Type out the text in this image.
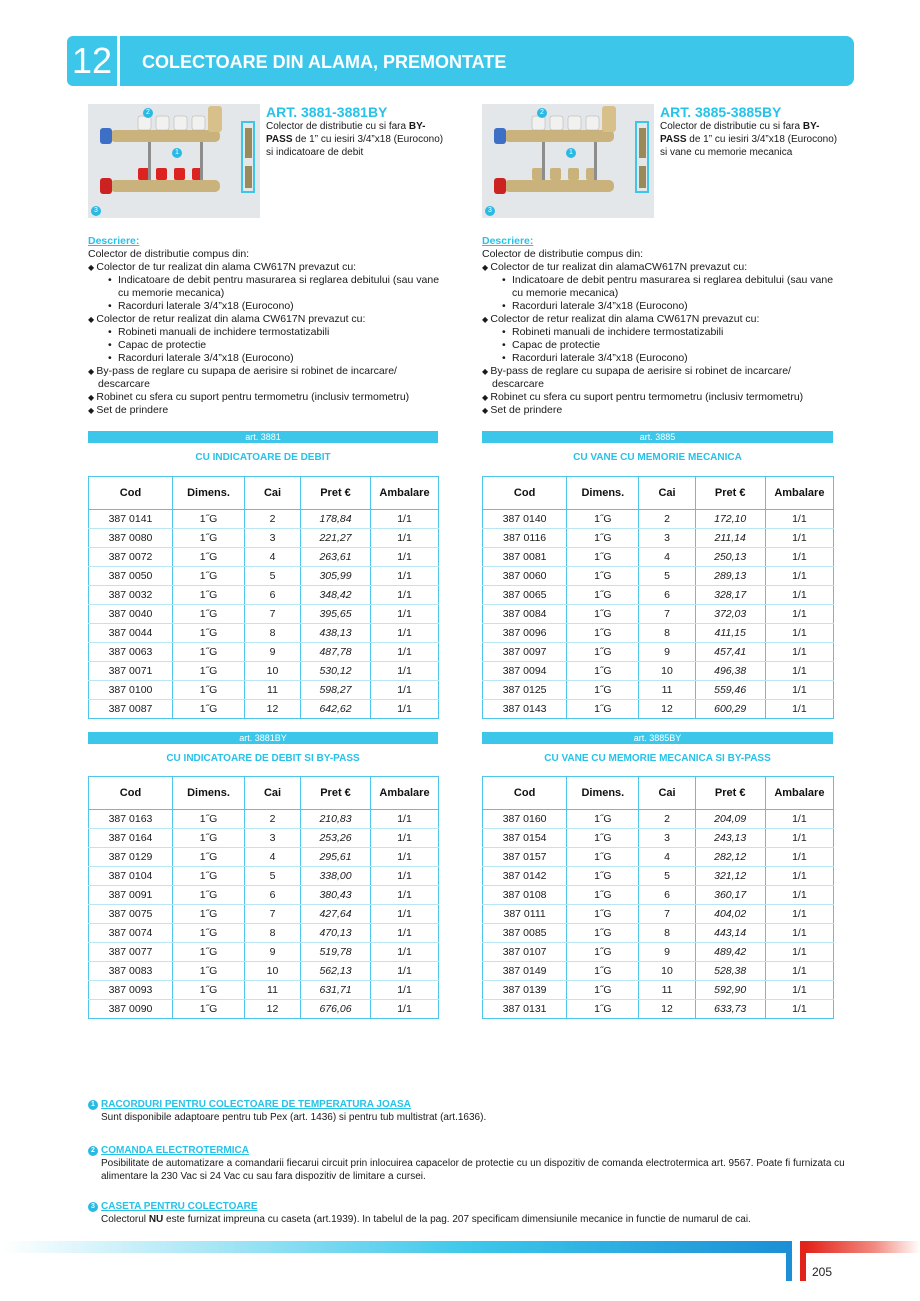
12 COLECTOARE DIN ALAMA, PREMONTATE
2
1
3
ART. 3881-3881BY
Colector de distributie cu si fara BY-PASS de 1” cu iesiri 3/4”x18 (Eurocono) si indicatoare de debit
2
1
3
ART. 3885-3885BY
Colector de distributie cu si fara BY-PASS de 1” cu iesiri 3/4”x18 (Eurocono) si vane cu memorie mecanica
Descriere:
Colector de distributie compus din:
◆ Colector de tur realizat din alama CW617N prevazut cu:
• Indicatoare de debit pentru masurarea si reglarea debitului (sau vane cu memorie mecanica)
• Racorduri laterale 3/4”x18 (Eurocono)
◆ Colector de retur realizat din alama CW617N prevazut cu:
• Robineti manuali de inchidere termostatizabili
• Capac de protectie
• Racorduri laterale 3/4”x18 (Eurocono)
◆ By-pass de reglare cu supapa de aerisire si robinet de incarcare/ descarcare
◆ Robinet cu sfera cu suport pentru termometru (inclusiv termometru)
◆ Set de prindere
Descriere:
Colector de distributie compus din:
◆ Colector de tur realizat din alamaCW617N prevazut cu:
• Indicatoare de debit pentru masurarea si reglarea debitului (sau vane cu memorie mecanica)
• Racorduri laterale 3/4”x18 (Eurocono)
◆ Colector de retur realizat din alama CW617N prevazut cu:
• Robineti manuali de inchidere termostatizabili
• Capac de protectie
• Racorduri laterale 3/4”x18 (Eurocono)
◆ By-pass de reglare cu supapa de aerisire si robinet de incarcare/ descarcare
◆ Robinet cu sfera cu suport pentru termometru (inclusiv termometru)
◆ Set de prindere
art. 3881
CU INDICATOARE DE DEBIT
Cod	Dimens.	Cai	Pret €	Ambalare
387 0141	1˝G	2	178,84	1/1
387 0080	1˝G	3	221,27	1/1
387 0072	1˝G	4	263,61	1/1
387 0050	1˝G	5	305,99	1/1
387 0032	1˝G	6	348,42	1/1
387 0040	1˝G	7	395,65	1/1
387 0044	1˝G	8	438,13	1/1
387 0063	1˝G	9	487,78	1/1
387 0071	1˝G	10	530,12	1/1
387 0100	1˝G	11	598,27	1/1
387 0087	1˝G	12	642,62	1/1
art. 3885
CU VANE CU MEMORIE MECANICA
Cod	Dimens.	Cai	Pret €	Ambalare
387 0140	1˝G	2	172,10	1/1
387 0116	1˝G	3	211,14	1/1
387 0081	1˝G	4	250,13	1/1
387 0060	1˝G	5	289,13	1/1
387 0065	1˝G	6	328,17	1/1
387 0084	1˝G	7	372,03	1/1
387 0096	1˝G	8	411,15	1/1
387 0097	1˝G	9	457,41	1/1
387 0094	1˝G	10	496,38	1/1
387 0125	1˝G	11	559,46	1/1
387 0143	1˝G	12	600,29	1/1
art. 3881BY
CU INDICATOARE DE DEBIT SI BY-PASS
Cod	Dimens.	Cai	Pret €	Ambalare
387 0163	1˝G	2	210,83	1/1
387 0164	1˝G	3	253,26	1/1
387 0129	1˝G	4	295,61	1/1
387 0104	1˝G	5	338,00	1/1
387 0091	1˝G	6	380,43	1/1
387 0075	1˝G	7	427,64	1/1
387 0074	1˝G	8	470,13	1/1
387 0077	1˝G	9	519,78	1/1
387 0083	1˝G	10	562,13	1/1
387 0093	1˝G	11	631,71	1/1
387 0090	1˝G	12	676,06	1/1
art. 3885BY
CU VANE CU MEMORIE MECANICA SI BY-PASS
Cod	Dimens.	Cai	Pret €	Ambalare
387 0160	1˝G	2	204,09	1/1
387 0154	1˝G	3	243,13	1/1
387 0157	1˝G	4	282,12	1/1
387 0142	1˝G	5	321,12	1/1
387 0108	1˝G	6	360,17	1/1
387 0111	1˝G	7	404,02	1/1
387 0085	1˝G	8	443,14	1/1
387 0107	1˝G	9	489,42	1/1
387 0149	1˝G	10	528,38	1/1
387 0139	1˝G	11	592,90	1/1
387 0131	1˝G	12	633,73	1/1
1 RACORDURI PENTRU COLECTOARE DE TEMPERATURA JOASA
Sunt disponibile adaptoare pentru tub Pex (art. 1436) si pentru tub multistrat (art.1636).
2 COMANDA ELECTROTERMICA
Posibilitate de automatizare a comandarii fiecarui circuit prin inlocuirea capacelor de protectie cu un dispozitiv de comanda electrotermica art. 9567. Poate fi furnizata cu alimentare la 230 Vac si 24 Vac cu sau fara dispozitiv de limitare a cursei.
3 CASETA PENTRU COLECTOARE
Colectorul NU este furnizat impreuna cu caseta (art.1939). In tabelul de la pag. 207 specificam dimensiunile mecanice in functie de numarul de cai.
205
